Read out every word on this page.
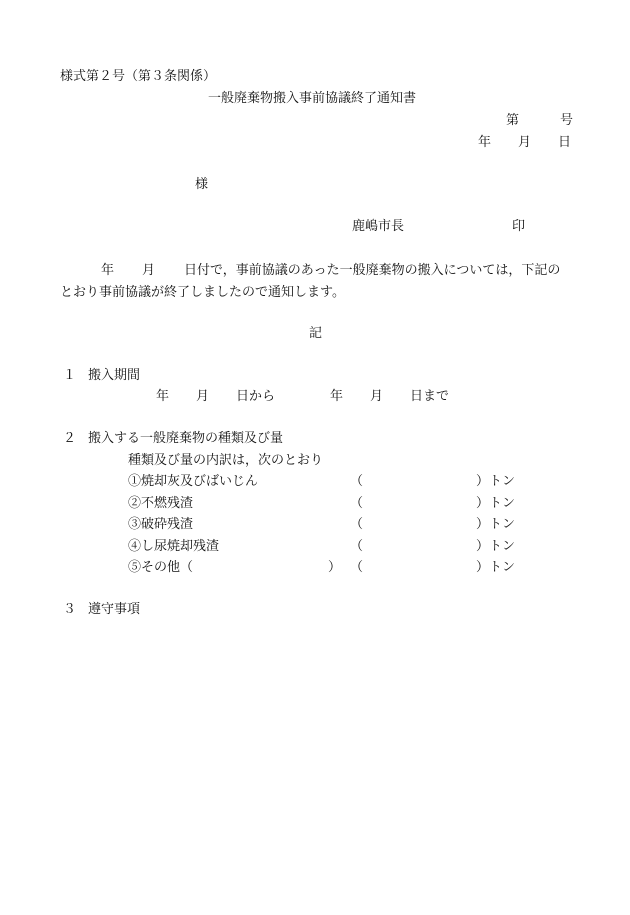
様式第２号（第３条関係）
一般廃棄物搬入事前協議終了通知書
第	号
年 月 日
様
鹿嶋市長	印
年 月 日付で，事前協議のあった一般廃棄物の搬入については，下記の
とおり事前協議が終了しましたので通知します。
記
１ 搬入期間
年 月 日から	年 月 日まで
２ 搬入する一般廃棄物の種類及び量
種類及び量の内訳は，次のとおり
①焼却灰及びばいじん	（	）トン
②不燃残渣	（	）トン
③破砕残渣	（	）トン
④し尿焼却残渣	（	）トン
⑤その他（	） （	）トン
３ 遵守事項
